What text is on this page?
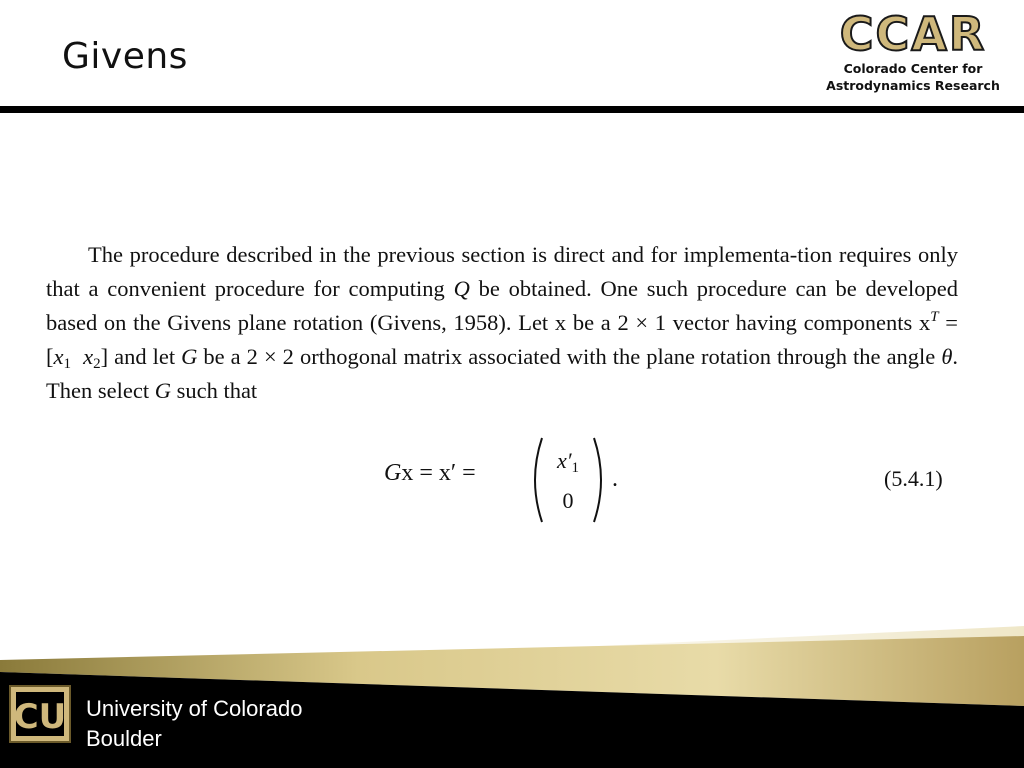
Givens	CCAR
Colorado Center for
Astrodynamics Research

The procedure described in the previous section is direct and for implementa-tion requires only that a convenient procedure for computing Q be obtained. One such procedure can be developed based on the Givens plane rotation (Givens, 1958). Let x be a 2 × 1 vector having components $x^T = [x_1$ $x_2$] and let G be a 2 × 2 orthogonal matrix associated with the plane rotation through the angle θ. Then select G such that

Gx = x′ =	$x'_1$
0
.	(5.4.1)
CU University of Colorado
Boulder
